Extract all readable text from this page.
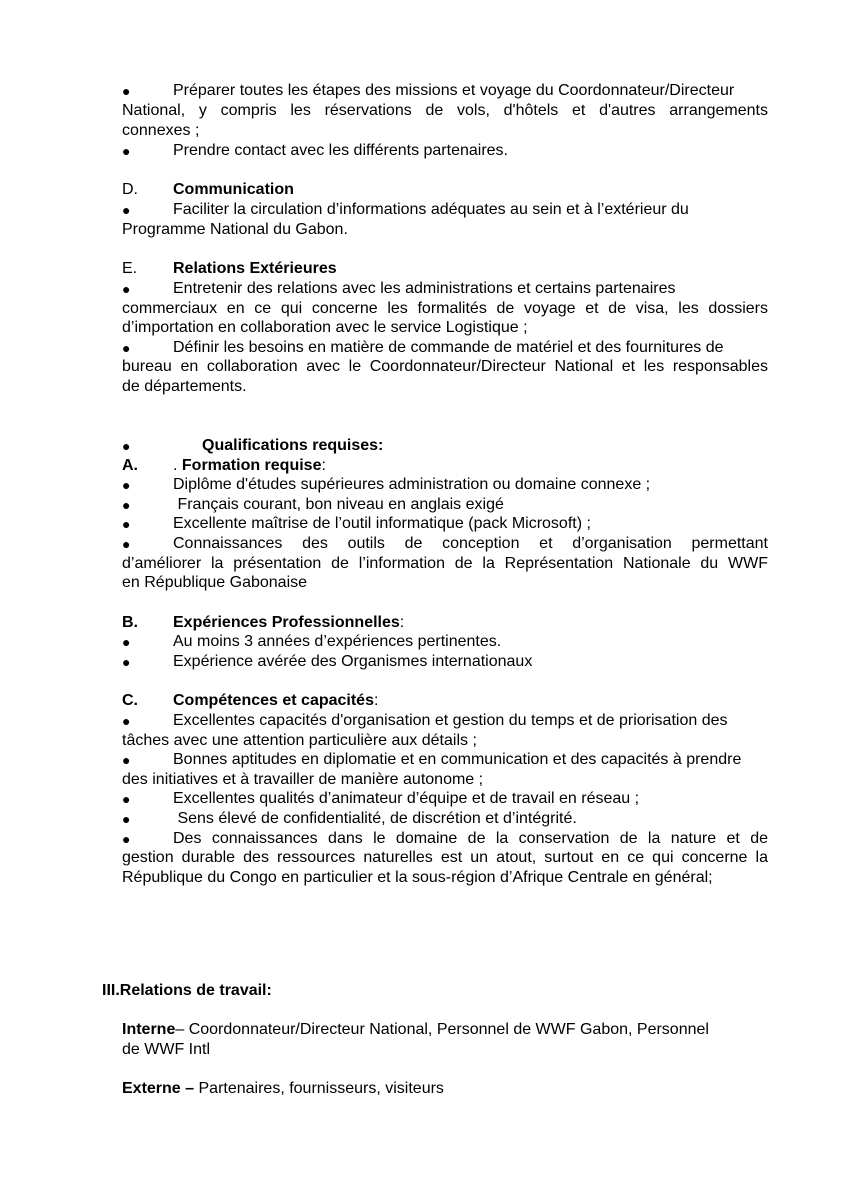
●	Préparer toutes les étapes des missions et voyage du Coordonnateur/Directeur
National, y compris les réservations de vols, d'hôtels et d'autres arrangements
connexes ;
●	Prendre contact avec les différents partenaires.
D. Communication
●	Faciliter la circulation d’informations adéquates au sein et à l’extérieur du
Programme National du Gabon.
E. Relations Extérieures
●	Entretenir des relations avec les administrations et certains partenaires
commerciaux en ce qui concerne les formalités de voyage et de visa, les dossiers
d’importation en collaboration avec le service Logistique ;
●	Définir les besoins en matière de commande de matériel et des fournitures de
bureau en collaboration avec le Coordonnateur/Directeur National et les responsables
de départements.
●	Qualifications requises:
A. . Formation requise:
●	Diplôme d'études supérieures administration ou domaine connexe ;
●	Français courant, bon niveau en anglais exigé
●	Excellente maîtrise de l’outil informatique (pack Microsoft) ;
●	Connaissances des outils de conception et d’organisation permettant
d’améliorer la présentation de l’information de la Représentation Nationale du WWF
en République Gabonaise
B. Expériences Professionnelles:
●	Au moins 3 années d’expériences pertinentes.
●	Expérience avérée des Organismes internationaux
C. Compétences et capacités:
●	Excellentes capacités d'organisation et gestion du temps et de priorisation des
tâches avec une attention particulière aux détails ;
●	Bonnes aptitudes en diplomatie et en communication et des capacités à prendre
des initiatives et à travailler de manière autonome ;
●	Excellentes qualités d’animateur d’équipe et de travail en réseau ;
●	Sens élevé de confidentialité, de discrétion et d’intégrité.
●	Des connaissances dans le domaine de la conservation de la nature et de
gestion durable des ressources naturelles est un atout, surtout en ce qui concerne la
République du Congo en particulier et la sous-région d’Afrique Centrale en général;
III.Relations de travail:
Interne– Coordonnateur/Directeur National, Personnel de WWF Gabon, Personnel
de WWF Intl
Externe – Partenaires, fournisseurs, visiteurs
